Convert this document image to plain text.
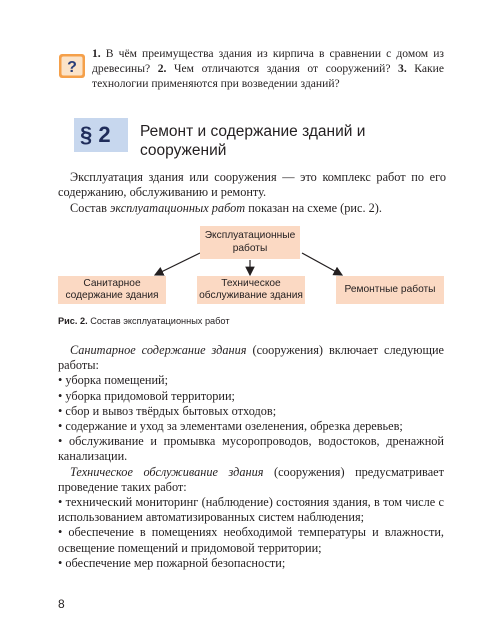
?
1. В чём преимущества здания из кирпича в сравнении с домом из древесины? 2. Чем отличаются здания от сооружений? 3. Какие технологии применяются при возведении зданий?
§ 2	Ремонт и содержание зданий и сооружений
Эксплуатация здания или сооружения — это комплекс работ по его содержанию, обслуживанию и ремонту.
Состав эксплуатационных работ показан на схеме (рис. 2).
Эксплуатационные работы
Санитарное содержание здания
Техническое обслуживание здания
Ремонтные работы
Рис. 2. Состав эксплуатационных работ

Санитарное содержание здания (сооружения) включает следующие работы:

• уборка помещений;

• уборка придомовой территории;

• сбор и вывоз твёрдых бытовых отходов;

• содержание и уход за элементами озеленения, обрезка деревьев;

• обслуживание и промывка мусоропроводов, водостоков, дренажной канализации.

Техническое обслуживание здания (сооружения) предусматривает проведение таких работ:

• технический мониторинг (наблюдение) состояния здания, в том числе с использованием автоматизированных систем наблюдения;

• обеспечение в помещениях необходимой температуры и влажности, освещение помещений и придомовой территории;

• обеспечение мер пожарной безопасности;

8
